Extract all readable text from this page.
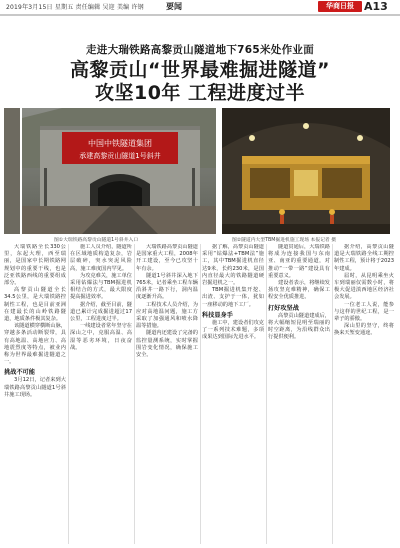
2019年3月15日 星期五 责任编辑 吴迎 美编 许钢	要闻	华商日报 A13
走进大瑞铁路高黎贡山隧道地下765米处作业面
高黎贡山“世界最难掘进隧道”
攻坚10年 工程进度过半
中国中铁隧道集团
承建高黎贡山隧道1号斜井
图①大瑞铁路高黎贡山隧道1号斜井入口	图②隧道内大型TBM掘进机施工现场 本报记者 摄

大瑞铁路全长330公里，东起大理，西至瑞丽，是国家中长期铁路网规划中的重要干线，也是泛亚铁路西线的重要组成部分。

高黎贡山隧道全长34.5公里，是大瑞铁路控制性工程，也是目前亚洲在建最长的山岭铁路隧道，地质条件极其复杂。

该隧道横穿横断山脉，穿越多条活动断裂带，具有高地温、高地应力、高地震烈度等特点，被业内称为世界最难掘进隧道之一。

挑战不可能

3月12日，记者来到大瑞铁路高黎贡山隧道1号斜井施工现场。

施工人员介绍，隧道所在区域地质构造复杂，岩层破碎，突水突泥风险高，施工难度国内罕见。

为攻克难关，施工单位采用钻爆法与TBM掘进机相结合的方式，最大限度提高掘进效率。

据介绍，截至目前，隧道已累计完成掘进超过17公里，工程进度过半。

一线建设者常年坚守在深山之中，克服高温、高湿等恶劣环境，日夜奋战。

大瑞铁路高黎贡山隧道是国家重大工程，2008年开工建设，至今已攻坚十年有余。

隧道1号斜井深入地下765米，记者乘坐工程车辆沿斜井一路下行，洞内温度逐渐升高。

工程技术人员介绍，为应对高地温问题，施工方采取了加强通风和喷水降温等措施。

隧道内还建设了完备的监控量测系统，实时掌握围岩变化情况，确保施工安全。

据了解，高黎贡山隧道采用“钻爆法+TBM法”施工，其中TBM掘进机直径达9米，长约230米，是国内直径最大的铁路隧道硬岩掘进机之一。

TBM掘进机集开挖、出渣、支护于一体，犹如一座移动的地下工厂。

科技显身手

施工中，建设者们攻克了一系列技术难题，多项成果达到国际先进水平。

隧道贯通后，大瑞铁路将成为连接我国与东南亚、南亚的重要通道，对推动“一带一路”建设具有重要意义。

建设者表示，将继续发扬攻坚克难精神，确保工程安全优质推进。

打好攻坚战

高黎贡山隧道建成后，将大幅缩短昆明至瑞丽的时空距离，为沿线群众出行提供便利。

据介绍，高黎贡山隧道是大瑞铁路全线工期控制性工程，预计将于2023年建成。

届时，从昆明乘坐火车到瑞丽仅需数小时，将极大促进滇西地区经济社会发展。

一位老工人说，能参与这样的世纪工程，是一辈子的骄傲。

深山里的坚守，终将换来天堑变通途。
